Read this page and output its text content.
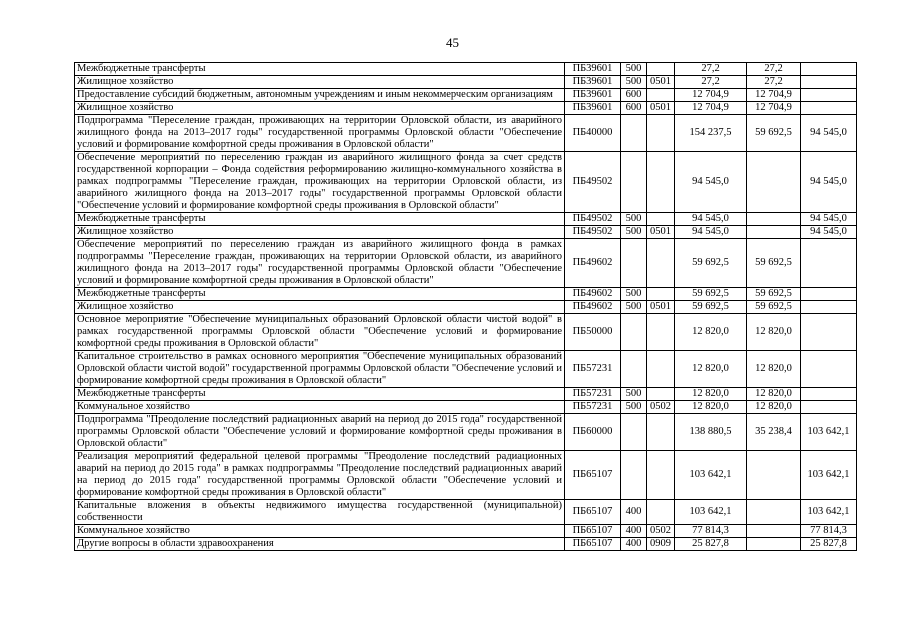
45
Межбюджетные трансферты	ПБ39601	500		27,2	27,2	
Жилищное хозяйство	ПБ39601	500	0501	27,2	27,2	
Предоставление субсидий бюджетным, автономным учреждениям и иным некоммерческим организациям	ПБ39601	600		12 704,9	12 704,9	
Жилищное хозяйство	ПБ39601	600	0501	12 704,9	12 704,9	
Подпрограмма "Переселение граждан, проживающих на территории Орловской области, из аварийного жилищного фонда на 2013–2017 годы" государственной программы Орловской области "Обеспечение условий и формирование комфортной среды проживания в Орловской области"	ПБ40000			154 237,5	59 692,5	94 545,0
Обеспечение мероприятий по переселению граждан из аварийного жилищного фонда за счет средств государственной корпорации – Фонда содействия реформированию жилищно-коммунального хозяйства в рамках подпрограммы "Переселение граждан, проживающих на территории Орловской области, из аварийного жилищного фонда на 2013–2017 годы" государственной программы Орловской области "Обеспечение условий и формирование комфортной среды проживания в Орловской области"	ПБ49502			94 545,0		94 545,0
Межбюджетные трансферты	ПБ49502	500		94 545,0		94 545,0
Жилищное хозяйство	ПБ49502	500	0501	94 545,0		94 545,0
Обеспечение мероприятий по переселению граждан из аварийного жилищного фонда в рамках подпрограммы "Переселение граждан, проживающих на территории Орловской области, из аварийного жилищного фонда на 2013–2017 годы" государственной программы Орловской области "Обеспечение условий и формирование комфортной среды проживания в Орловской области"	ПБ49602			59 692,5	59 692,5	
Межбюджетные трансферты	ПБ49602	500		59 692,5	59 692,5	
Жилищное хозяйство	ПБ49602	500	0501	59 692,5	59 692,5	
Основное мероприятие "Обеспечение муниципальных образований Орловской области чистой водой" в рамках государственной программы Орловской области "Обеспечение условий и формирование комфортной среды проживания в Орловской области"	ПБ50000			12 820,0	12 820,0	
Капитальное строительство в рамках основного мероприятия "Обеспечение муниципальных образований Орловской области чистой водой" государственной программы Орловской области "Обеспечение условий и формирование комфортной среды проживания в Орловской области"	ПБ57231			12 820,0	12 820,0	
Межбюджетные трансферты	ПБ57231	500		12 820,0	12 820,0	
Коммунальное хозяйство	ПБ57231	500	0502	12 820,0	12 820,0	
Подпрограмма "Преодоление последствий радиационных аварий на период до 2015 года" государственной программы Орловской области "Обеспечение условий и формирование комфортной среды проживания в Орловской области"	ПБ60000			138 880,5	35 238,4	103 642,1
Реализация мероприятий федеральной целевой программы "Преодоление последствий радиационных аварий на период до 2015 года" в рамках подпрограммы "Преодоление последствий радиационных аварий на период до 2015 года" государственной программы Орловской области "Обеспечение условий и формирование комфортной среды проживания в Орловской области"	ПБ65107			103 642,1		103 642,1
Капитальные вложения в объекты недвижимого имущества государственной (муниципальной) собственности	ПБ65107	400		103 642,1		103 642,1
Коммунальное хозяйство	ПБ65107	400	0502	77 814,3		77 814,3
Другие вопросы в области здравоохранения	ПБ65107	400	0909	25 827,8		25 827,8
